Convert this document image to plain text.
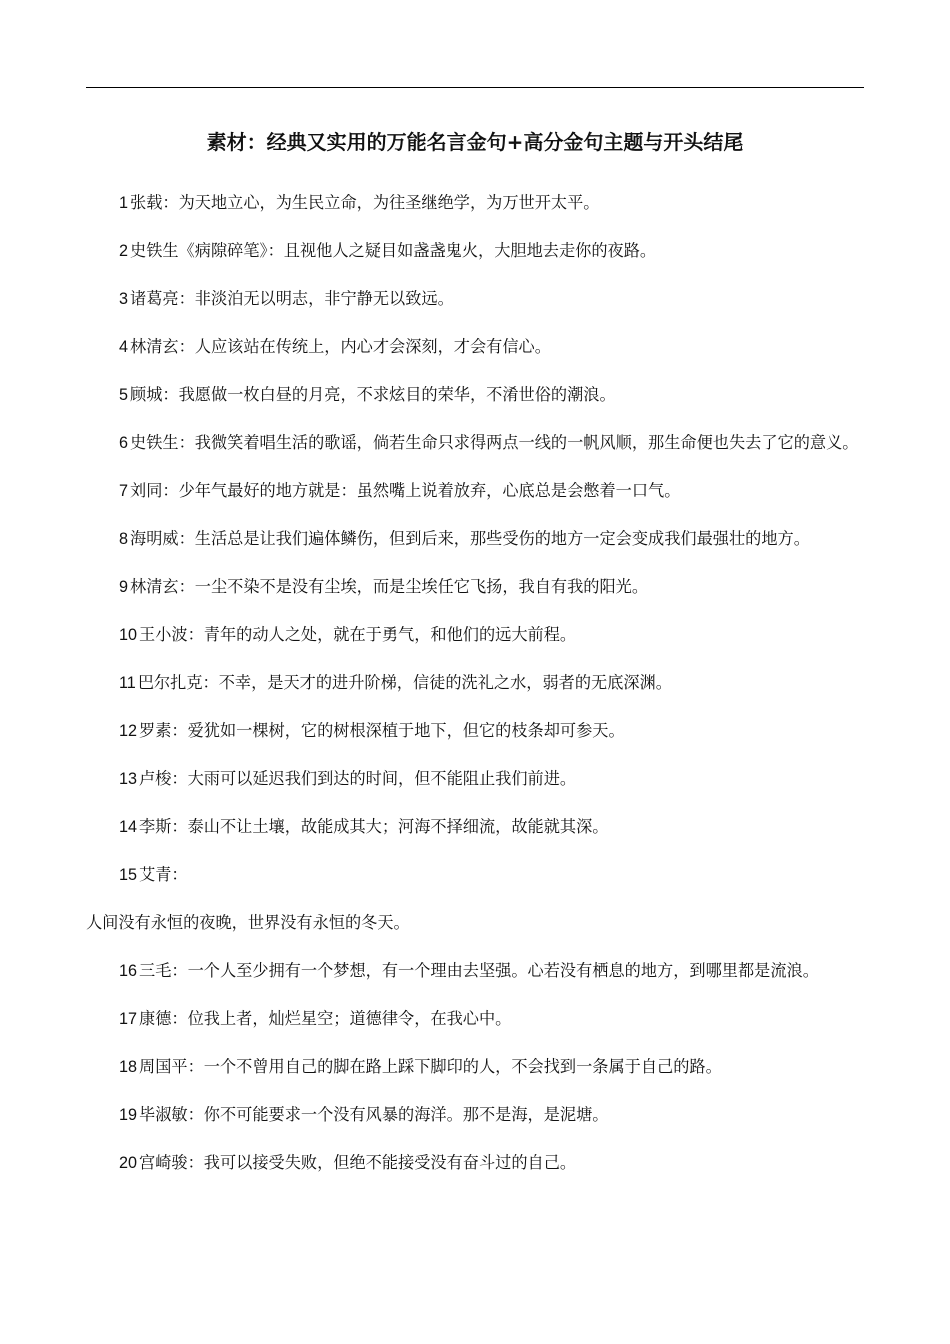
素材：经典又实用的万能名言金句+高分金句主题与开头结尾

1 张载：为天地立心，为生民立命，为往圣继绝学，为万世开太平。

2 史铁生《病隙碎笔》：且视他人之疑目如盏盏鬼火，大胆地去走你的夜路。

3 诸葛亮：非淡泊无以明志，非宁静无以致远。

4 林清玄：人应该站在传统上，内心才会深刻，才会有信心。

5 顾城：我愿做一枚白昼的月亮，不求炫目的荣华，不淆世俗的潮浪。

6 史铁生：我微笑着唱生活的歌谣，倘若生命只求得两点一线的一帆风顺，那生命便也失去了它的意义。

7 刘同：少年气最好的地方就是：虽然嘴上说着放弃，心底总是会憋着一口气。

8 海明威：生活总是让我们遍体鳞伤，但到后来，那些受伤的地方一定会变成我们最强壮的地方。

9 林清玄：一尘不染不是没有尘埃，而是尘埃任它飞扬，我自有我的阳光。

10 王小波：青年的动人之处，就在于勇气，和他们的远大前程。

11 巴尔扎克：不幸，是天才的进升阶梯，信徒的洗礼之水，弱者的无底深渊。

12 罗素：爱犹如一棵树，它的树根深植于地下，但它的枝条却可参天。

13 卢梭：大雨可以延迟我们到达的时间，但不能阻止我们前进。

14 李斯：泰山不让土壤，故能成其大；河海不择细流，故能就其深。

15 艾青：

人间没有永恒的夜晚，世界没有永恒的冬天。

16 三毛：一个人至少拥有一个梦想，有一个理由去坚强。心若没有栖息的地方，到哪里都是流浪。

17 康德：位我上者，灿烂星空；道德律令，在我心中。

18 周国平：一个不曾用自己的脚在路上踩下脚印的人，不会找到一条属于自己的路。

19 毕淑敏：你不可能要求一个没有风暴的海洋。那不是海，是泥塘。

20 宫崎骏：我可以接受失败，但绝不能接受没有奋斗过的自己。
